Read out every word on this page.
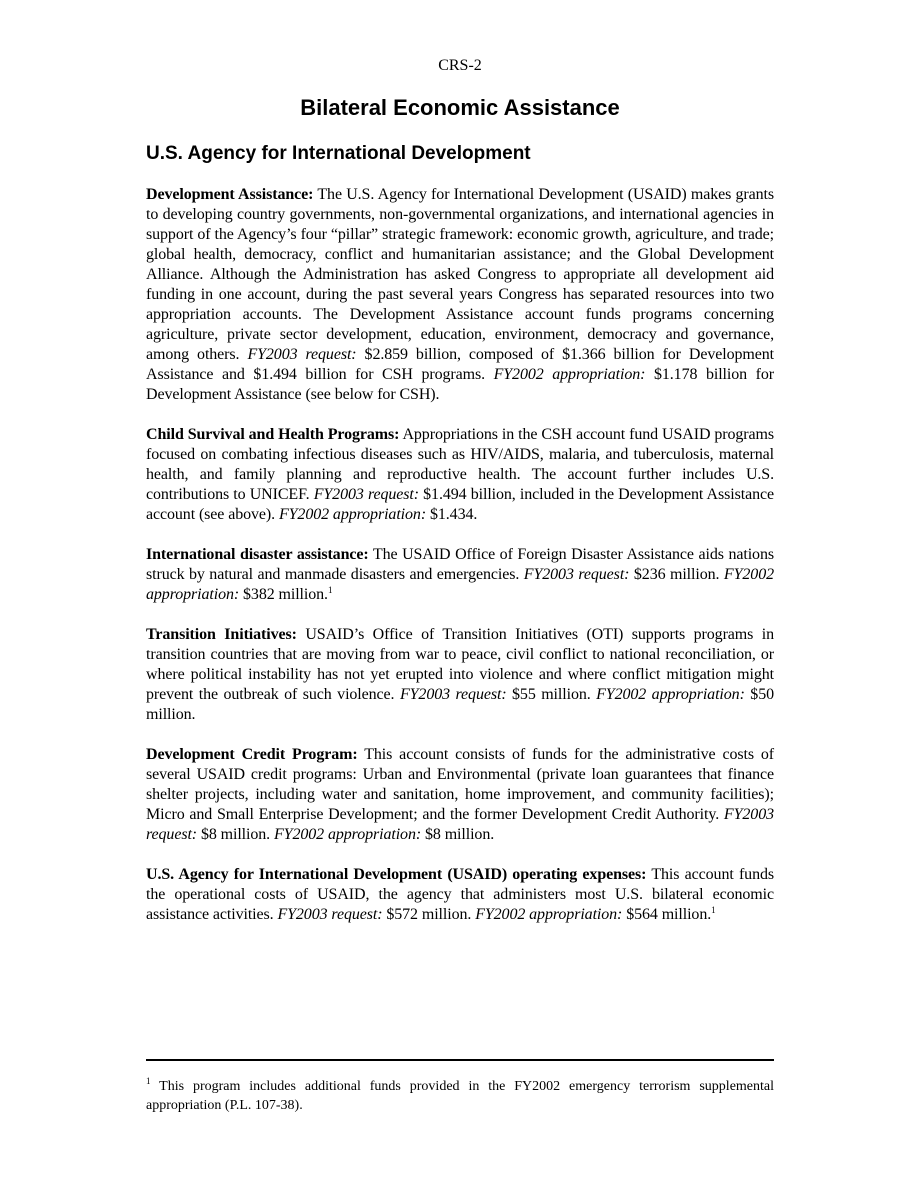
CRS-2
Bilateral Economic Assistance
U.S. Agency for International Development

Development Assistance: The U.S. Agency for International Development (USAID) makes grants to developing country governments, non-governmental organizations, and international agencies in support of the Agency’s four “pillar” strategic framework: economic growth, agriculture, and trade; global health, democracy, conflict and humanitarian assistance; and the Global Development Alliance. Although the Administration has asked Congress to appropriate all development aid funding in one account, during the past several years Congress has separated resources into two appropriation accounts. The Development Assistance account funds programs concerning agriculture, private sector development, education, environment, democracy and governance, among others. FY2003 request: $2.859 billion, composed of $1.366 billion for Development Assistance and $1.494 billion for CSH programs. FY2002 appropriation: $1.178 billion for Development Assistance (see below for CSH).

Child Survival and Health Programs: Appropriations in the CSH account fund USAID programs focused on combating infectious diseases such as HIV/AIDS, malaria, and tuberculosis, maternal health, and family planning and reproductive health. The account further includes U.S. contributions to UNICEF. FY2003 request: $1.494 billion, included in the Development Assistance account (see above). FY2002 appropriation: $1.434.

International disaster assistance: The USAID Office of Foreign Disaster Assistance aids nations struck by natural and manmade disasters and emergencies. FY2003 request: $236 million. FY2002 appropriation: $382 million.$^1$

Transition Initiatives: USAID’s Office of Transition Initiatives (OTI) supports programs in transition countries that are moving from war to peace, civil conflict to national reconciliation, or where political instability has not yet erupted into violence and where conflict mitigation might prevent the outbreak of such violence. FY2003 request: $55 million. FY2002 appropriation: $50 million.

Development Credit Program: This account consists of funds for the administrative costs of several USAID credit programs: Urban and Environmental (private loan guarantees that finance shelter projects, including water and sanitation, home improvement, and community facilities); Micro and Small Enterprise Development; and the former Development Credit Authority. FY2003 request: $8 million. FY2002 appropriation: $8 million.

U.S. Agency for International Development (USAID) operating expenses: This account funds the operational costs of USAID, the agency that administers most U.S. bilateral economic assistance activities. FY2003 request: $572 million. FY2002 appropriation: $564 million.$^1$

$^1$ This program includes additional funds provided in the FY2002 emergency terrorism supplemental appropriation (P.L. 107-38).
